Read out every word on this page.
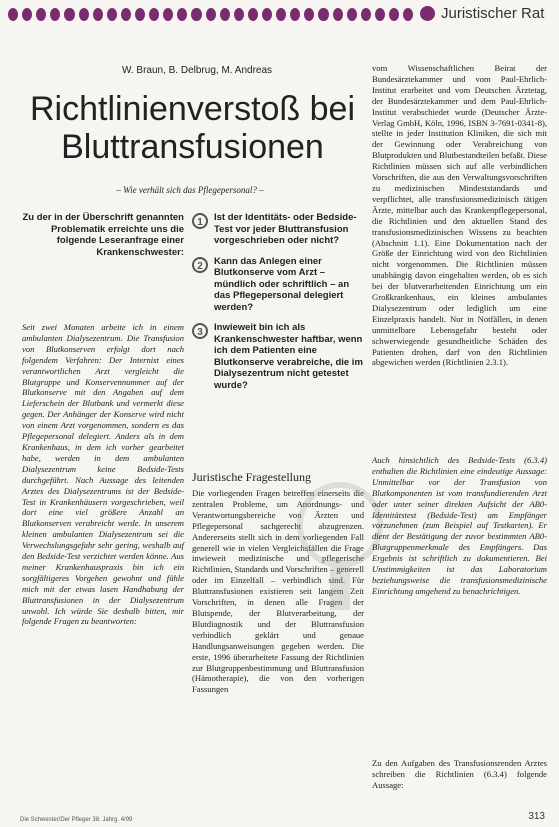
Juristischer Rat
W. Braun, B. Delbrug, M. Andreas
Richtlinienverstoß bei Bluttransfusionen
– Wie verhält sich das Pflegepersonal? –
Zu der in der Überschrift genannten Problematik erreichte uns die folgende Leseranfrage einer Krankenschwester:
1	Ist der Identitäts- oder Bedside-Test vor jeder Bluttransfusion vorgeschrieben oder nicht?
2	Kann das Anlegen einer Blutkonserve vom Arzt – mündlich oder schriftlich – an das Pflegepersonal delegiert werden?
3	Inwieweit bin ich als Krankenschwester haftbar, wenn ich dem Patienten eine Blutkonserve verabreiche, die im Dialysezentrum nicht getestet wurde?
Seit zwei Monaten arbeite ich in einem ambulanten Dialysezentrum. Die Transfusion von Blutkonserven erfolgt dort nach folgendem Verfahren: Der Internist eines verantwortlichen Arzt vergleicht die Blutgruppe und Konservennummer auf der Blutkonserve mit den Angaben auf dem Lieferschein der Blutbank und vermerkt diese gegen. Der Anhänger der Konserve wird nicht von einem Arzt vorgenommen, sondern es das Pflegepersonal delegiert. Anders als in dem Krankenhaus, in dem ich vorher gearbeitet habe, werden in dem ambulanten Dialysezentrum keine Bedside-Tests durchgeführt. Nach Aussage des leitenden Arztes des Dialysezentrums ist der Bedside-Test in Krankenhäusern vorgeschrieben, weil dort eine viel größere Anzahl an Blutkonserven verabreicht werde. In unserem kleinen ambulanten Dialysezentrum sei die Verwechslungsgefahr sehr gering, weshalb auf den Bedside-Test verzichtet werden könne. Aus meiner Krankenhauspraxis bin ich ein sorgfältigeres Vorgehen gewohnt und fühle mich mit der etwas lasen Handhabung der Bluttransfusionen in der Dialysezentrum unwohl. Ich würde Sie deshalb bitten, mir folgende Fragen zu beantworten:
Juristische Fragestellung
Die vorliegenden Fragen betreffen einerseits die zentralen Probleme, um Anordnungs- und Verantwortungsbereiche von Ärzten und Pflegepersonal sachgerecht abzugrenzen. Andererseits stellt sich in dem vorliegenden Fall generell wie in vielen Vergleichsfällen die Frage inwieweit medizinische und pflegerische Richtlinien, Standards und Vorschriften – generell oder im Einzelfall – verbindlich sind. Für Bluttransfusionen existieren seit langem Zeit Vorschriften, in denen alle Fragen der Blutspende, der Blutverarbeitung, der Blutdiagnostik und der Bluttransfusion verbindlich geklärt und genaue Handlungsanweisungen gegeben werden. Die erste, 1996 überarbeitete Fassung der Richtlinien zur Blutgruppenbestimmung und Bluttransfusion (Hämotherapie), die von den vorherigen Fassungen
vom Wissenschaftlichen Beirat der Bundesärztekammer und vom Paul-Ehrlich-Institut erarbeitet und vom Deutschen Ärztetag, der Bundesärztekammer und dem Paul-Ehrlich-Institut verabschiedet wurde (Deutscher Ärzte-Verlag GmbH, Köln, 1996, ISBN 3-7691-0341-8), stellte in jeder Institution Kliniken, die sich mit der Gewinnung oder Verabreichung von Blutprodukten und Blutbestandteilen befaßt. Diese Richtlinien müssen sich auf alle verbindlichen Vorschriften, die aus den Verwaltungsvorschriften zu medizinischen Mindeststandards und verpflichtet, alle transfusionsmedizinisch tätigen Ärzte, mittelbar auch das Krankenpflegepersonal, die Richtlinien und den aktuellen Stand des transfusionsmedizinischen Wissens zu beachten (Abschnitt 1.1). Eine Dokumentation nach der Größe der Einrichtung wird von den Richtlinien nicht vorgenommen. Die Richtlinien müssen unabhängig davon eingehalten werden, ob es sich bei der blutverarbeitenden Einrichtung um ein Großkrankenhaus, ein kleines ambulantes Dialysezentrum oder lediglich um eine Einzelpraxis handelt. Nur in Notfällen, in denen unmittelbare Lebensgefahr besteht oder schwerwiegende gesundheitliche Schäden des Patienten drohen, darf von den Richtlinien abgewichen werden (Richtlinien 2.3.1).
Auch hinsichtlich des Bedside-Tests (6.3.4) enthalten die Richtlinien eine eindeutige Aussage: Unmittelbar vor der Transfusion von Blutkomponenten ist vom transfundierenden Arzt oder unter seiner direkten Aufsicht der AB0-Identitätstest (Bedside-Test) am Empfänger vorzunehmen (zum Beispiel auf Testkarten). Er dient der Bestätigung der zuvor bestimmten AB0-Blutgruppenmerkmale des Empfängers. Das Ergebnis ist schriftlich zu dokumentieren. Bei Unstimmigkeiten ist das Laboratorium beziehungsweise die transfusionsmedizinische Einrichtung umgehend zu benachrichtigen.
Zu den Aufgaben des Transfusionsrenden Arztes schreiben die Richtlinien (6.3.4) folgende Aussage:
Die Schwester/Der Pfleger 38. Jahrg. 4/99	313
